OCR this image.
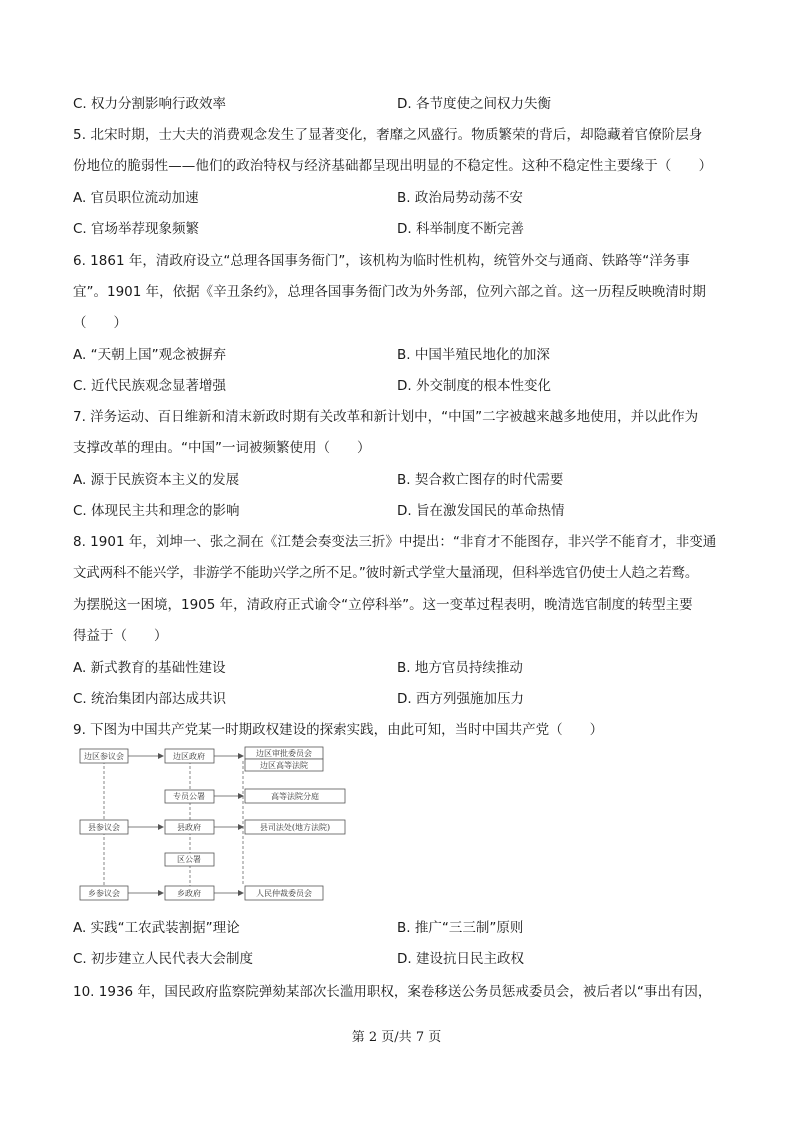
C. 权力分割影响行政效率	D. 各节度使之间权力失衡
5. 北宋时期，士大夫的消费观念发生了显著变化，奢靡之风盛行。物质繁荣的背后，却隐藏着官僚阶层身
份地位的脆弱性——他们的政治特权与经济基础都呈现出明显的不稳定性。这种不稳定性主要缘于（　　）
A. 官员职位流动加速	B. 政治局势动荡不安
C. 官场举荐现象频繁	D. 科举制度不断完善
6. 1861 年，清政府设立“总理各国事务衙门”，该机构为临时性机构，统管外交与通商、铁路等“洋务事
宜”。1901 年，依据《辛丑条约》，总理各国事务衙门改为外务部，位列六部之首。这一历程反映晚清时期
（　　）
A. “天朝上国”观念被摒弃	B. 中国半殖民地化的加深
C. 近代民族观念显著增强	D. 外交制度的根本性变化
7. 洋务运动、百日维新和清末新政时期有关改革和新计划中，“中国”二字被越来越多地使用，并以此作为
支撑改革的理由。“中国”一词被频繁使用（　　）
A. 源于民族资本主义的发展	B. 契合救亡图存的时代需要
C. 体现民主共和理念的影响	D. 旨在激发国民的革命热情
8. 1901 年，刘坤一、张之洞在《江楚会奏变法三折》中提出：“非育才不能图存，非兴学不能育才，非变通
文武两科不能兴学，非游学不能助兴学之所不足。”彼时新式学堂大量涌现，但科举选官仍使士人趋之若鹜。
为摆脱这一困境，1905 年，清政府正式谕令“立停科举”。这一变革过程表明，晚清选官制度的转型主要
得益于（　　）
A. 新式教育的基础性建设	B. 地方官员持续推动
C. 统治集团内部达成共识	D. 西方列强施加压力
9. 下图为中国共产党某一时期政权建设的探索实践，由此可知，当时中国共产党（　　）
边区参议会	边区政府	边区审批委员会
边区高等法院
专员公署	高等法院分庭
县参议会	县政府	县司法处(地方法院)
区公署
乡参议会	乡政府	人民仲裁委员会
A. 实践“工农武装割据”理论	B. 推广“三三制”原则
C. 初步建立人民代表大会制度	D. 建设抗日民主政权
10. 1936 年，国民政府监察院弹劾某部次长滥用职权，案卷移送公务员惩戒委员会，被后者以“事出有因，
第 2 页/共 7 页
